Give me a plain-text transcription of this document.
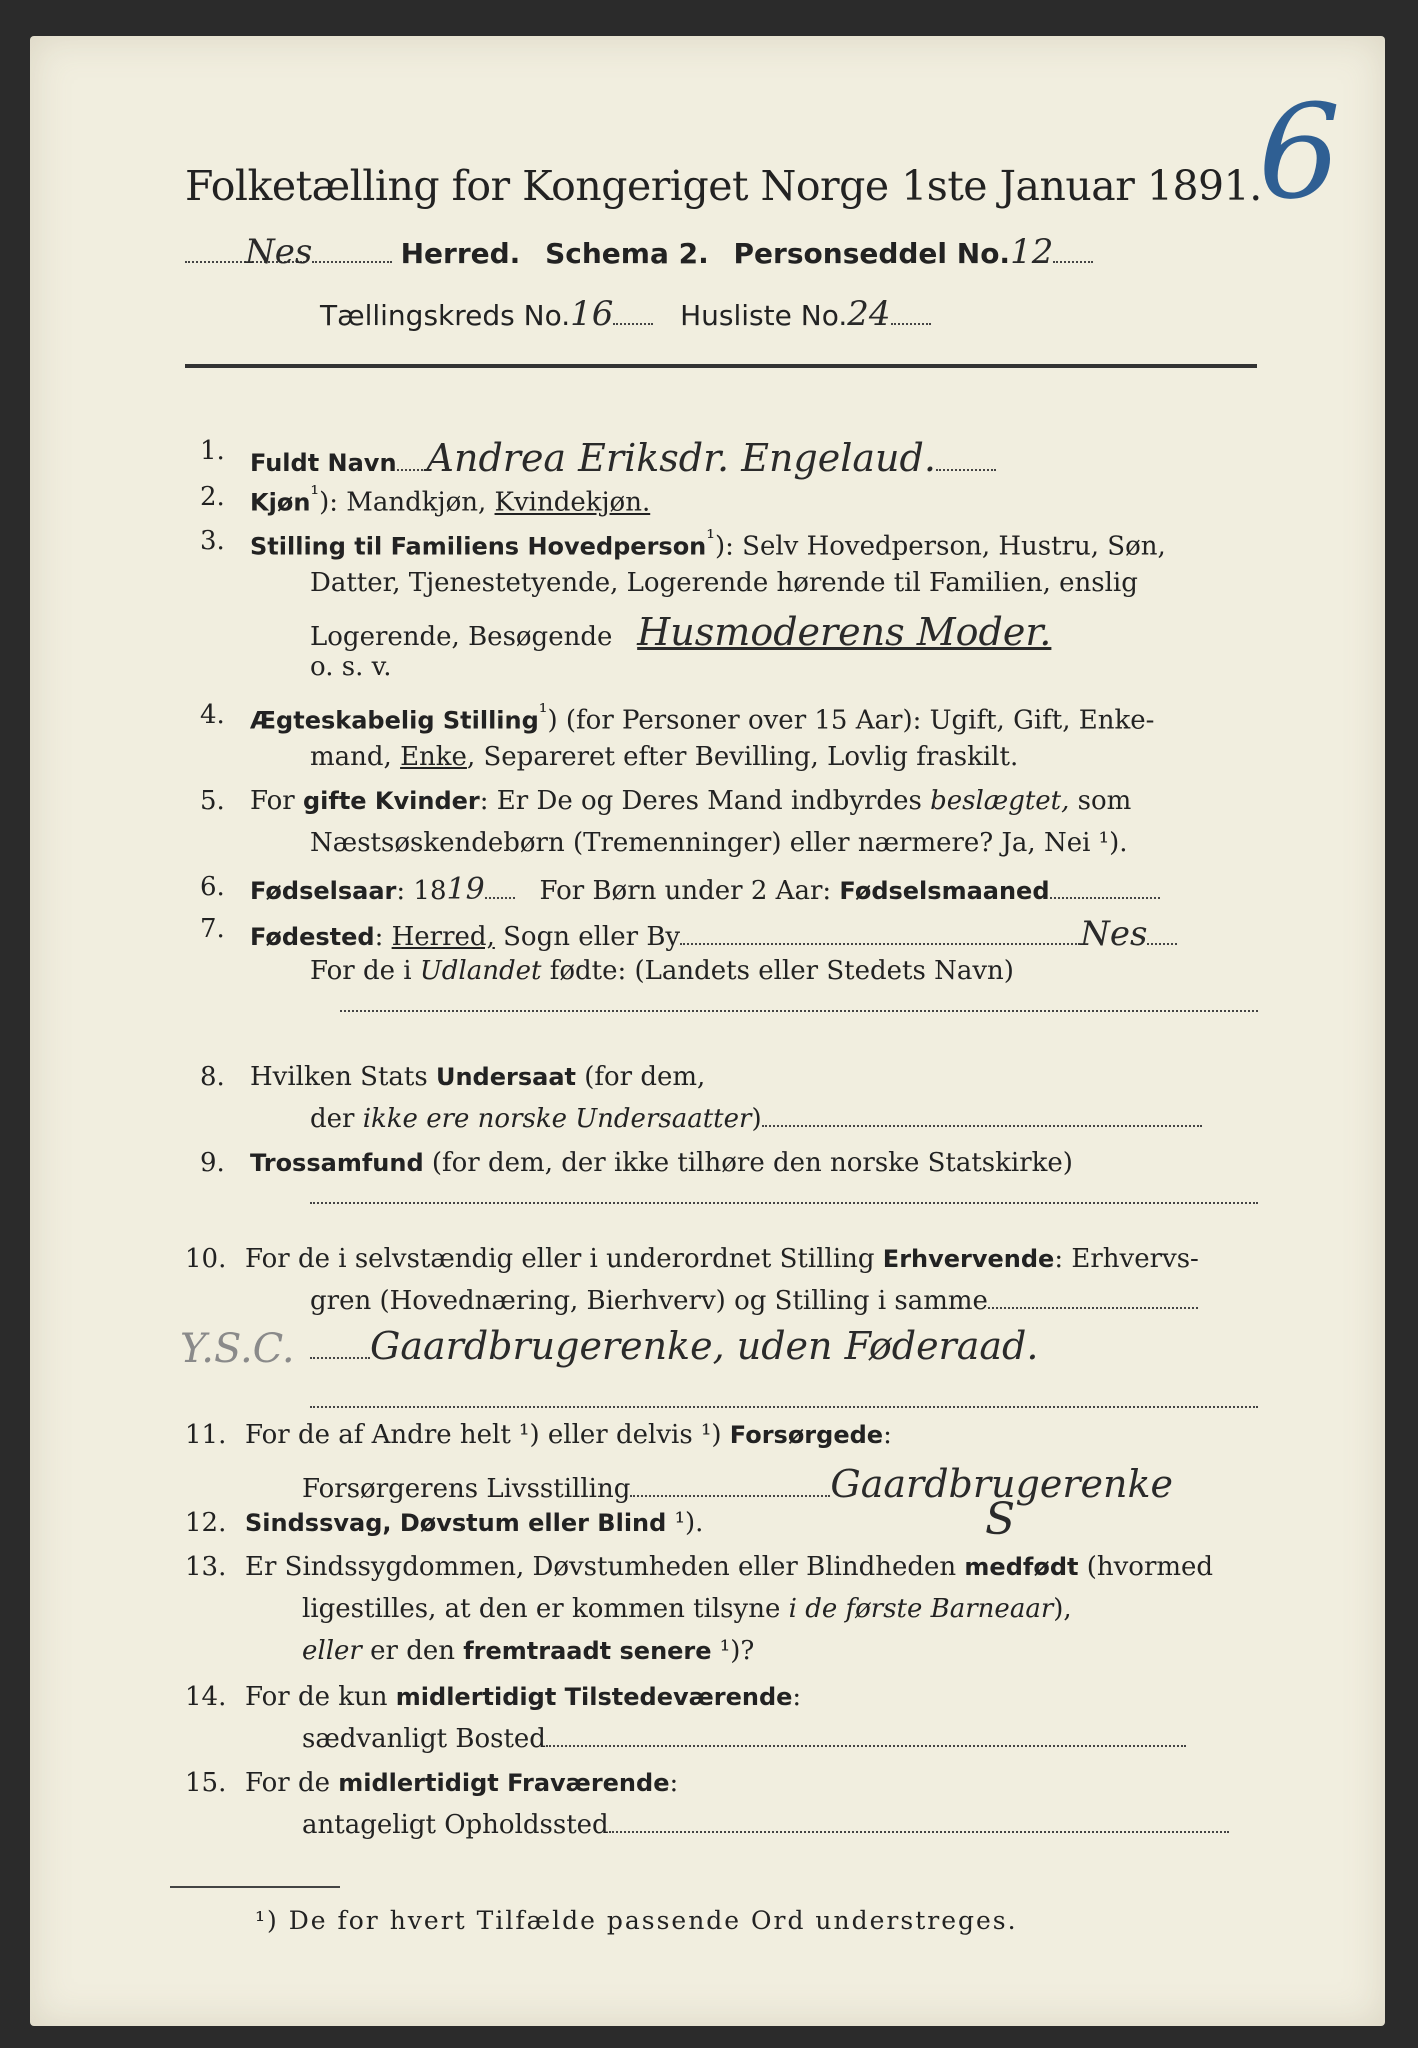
Folketælling for Kongeriget Norge 1ste Januar 1891.
6
Nes	Herred. Schema 2. Personseddel No.12
Tællingskreds No.16 Husliste No.24
1. Fuldt Navn Andrea Eriksdr. Engelaud.
2. Kjøn$^{^1}$): Mandkjøn, Kvindekjøn.
3. Stilling til Familiens Hovedperson$^{^1}$): Selv Hovedperson, Hustru, Søn,
Datter, Tjenestetyende, Logerende hørende til Familien, enslig
Logerende, Besøgende Husmoderens Moder.
o. s. v.
4. Ægteskabelig Stilling$^{^1}$) (for Personer over 15 Aar): Ugift, Gift, Enke-
mand, Enke, Separeret efter Bevilling, Lovlig fraskilt.
5. For gifte Kvinder: Er De og Deres Mand indbyrdes beslægtet, som
Næstsøskendebørn (Tremenninger) eller nærmere? Ja, Nei ¹).
6. Fødselsaar: 1819 For Børn under 2 Aar: Fødselsmaaned
7. Fødested: Herred, Sogn eller By	Nes
For de i Udlandet fødte: (Landets eller Stedets Navn)
8. Hvilken Stats Undersaat (for dem,
der ikke ere norske Undersaatter)
9. Trossamfund (for dem, der ikke tilhøre den norske Statskirke)
10. For de i selvstændig eller i underordnet Stilling Erhvervende: Erhvervs-
gren (Hovednæring, Bierhverv) og Stilling i samme
Y.S.C.	Gaardbrugerenke, uden Føderaad.
11. For de af Andre helt ¹) eller delvis ¹) Forsørgede:
Forsørgerens Livsstilling	Gaardbrugerenke
12. Sindssvag, Døvstum eller Blind ¹).	S
13. Er Sindssygdommen, Døvstumheden eller Blindheden medfødt (hvormed
ligestilles, at den er kommen tilsyne i de første Barneaar),
eller er den fremtraadt senere ¹)?
14. For de kun midlertidigt Tilstedeværende:
sædvanligt Bosted
15. For de midlertidigt Fraværende:
antageligt Opholdssted
¹) De for hvert Tilfælde passende Ord understreges.
